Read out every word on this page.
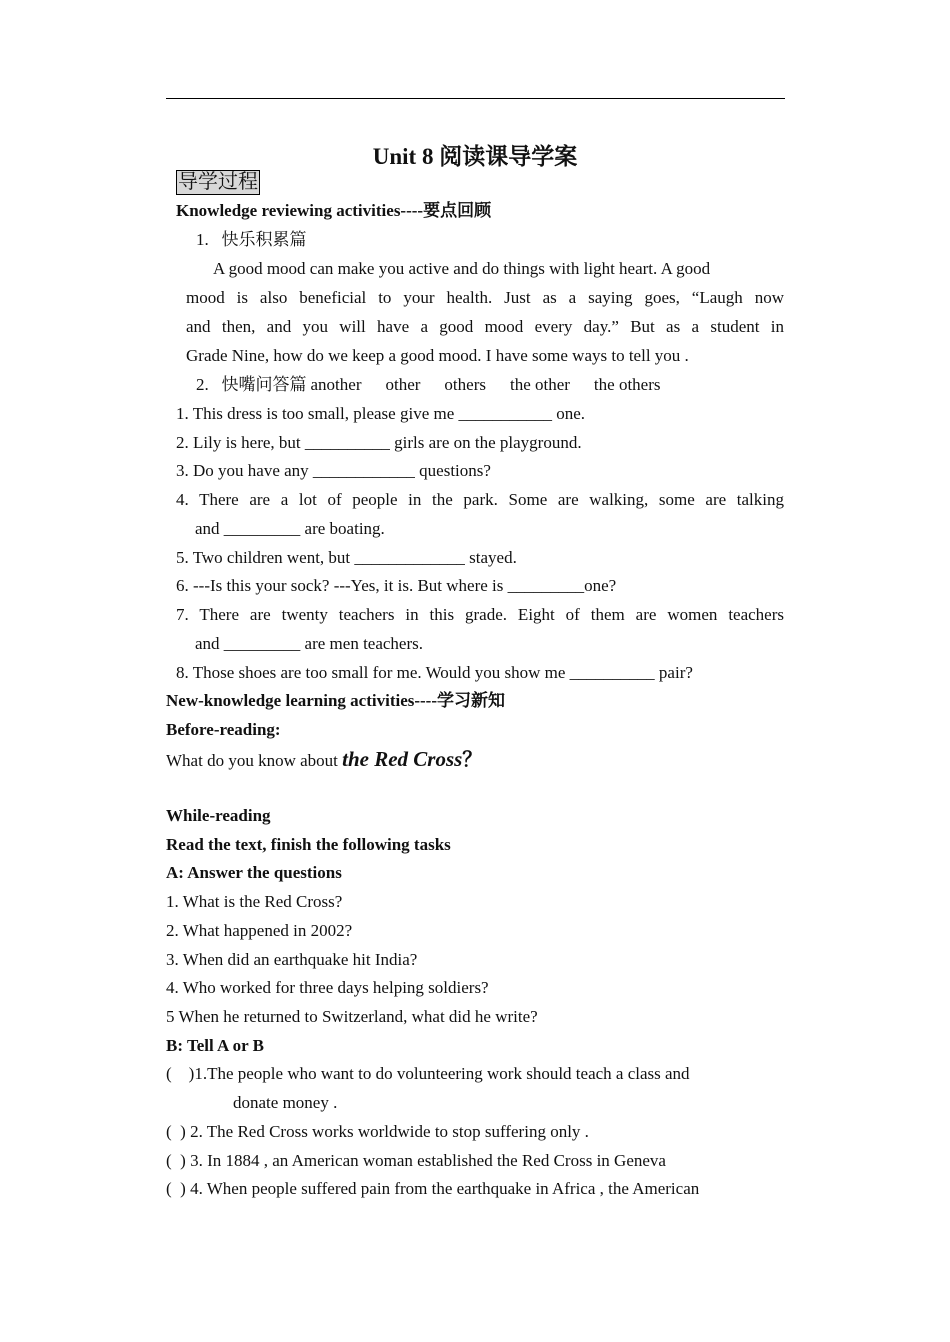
Unit 8 阅读课导学案
导学过程
Knowledge reviewing activities----要点回顾
1.   快乐积累篇
A good mood can make you active and do things with light heart. A good
mood is also beneficial to your health. Just as a saying goes, “Laugh now
and then, and you will have a good mood every day.” But as a student in
Grade Nine, how do we keep a good mood. I have some ways to tell you .
2.   快嘴问答篇 another other others the other the others
1. This dress is too small, please give me ___________ one.
2. Lily is here, but __________ girls are on the playground.
3. Do you have any ____________ questions?
4. There are a lot of people in the park. Some are walking, some are talking
and _________ are boating.
5. Two children went, but _____________ stayed.
6. ---Is this your sock? ---Yes, it is. But where is _________one?
7. There are twenty teachers in this grade. Eight of them are women teachers
and _________ are men teachers.
8. Those shoes are too small for me. Would you show me __________ pair?
New-knowledge learning activities----学习新知
Before-reading:
What do you know about the Red Cross？
While-reading
Read the text, finish the following tasks
A: Answer the questions
1. What is the Red Cross?
2. What happened in 2002?
3. When did an earthquake hit India?
4. Who worked for three days helping soldiers?
5 When he returned to Switzerland, what did he write?
B: Tell A or B
(    )1.The people who want to do volunteering work should teach a class and
donate money .
(  ) 2. The Red Cross works worldwide to stop suffering only .
(  ) 3. In 1884 , an American woman established the Red Cross in Geneva
(  ) 4. When people suffered pain from the earthquake in Africa , the American
